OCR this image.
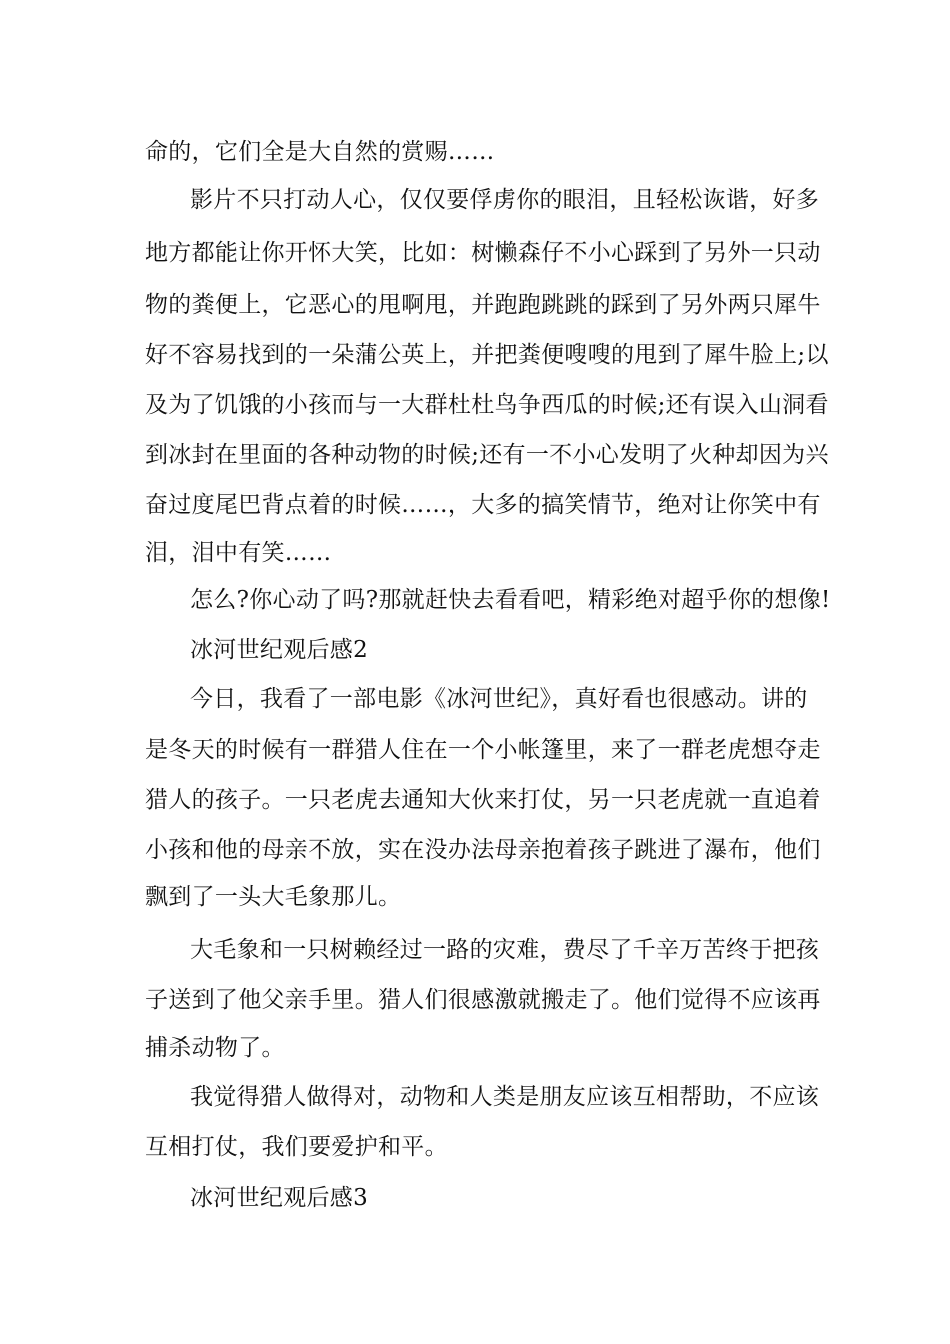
命的，它们全是大自然的赏赐……

影片不只打动人心，仅仅要俘虏你的眼泪，且轻松诙谐，好多

地方都能让你开怀大笑，比如：树懒森仔不小心踩到了另外一只动

物的粪便上，它恶心的甩啊甩，并跑跑跳跳的踩到了另外两只犀牛

好不容易找到的一朵蒲公英上，并把粪便嗖嗖的甩到了犀牛脸上;以

及为了饥饿的小孩而与一大群杜杜鸟争西瓜的时候;还有误入山洞看

到冰封在里面的各种动物的时候;还有一不小心发明了火种却因为兴

奋过度尾巴背点着的时候……，大多的搞笑情节，绝对让你笑中有

泪，泪中有笑……

怎么?你心动了吗?那就赶快去看看吧，精彩绝对超乎你的想像!

冰河世纪观后感2

今日，我看了一部电影《冰河世纪》，真好看也很感动。讲的

是冬天的时候有一群猎人住在一个小帐篷里，来了一群老虎想夺走

猎人的孩子。一只老虎去通知大伙来打仗，另一只老虎就一直追着

小孩和他的母亲不放，实在没办法母亲抱着孩子跳进了瀑布，他们

飘到了一头大毛象那儿。

大毛象和一只树赖经过一路的灾难，费尽了千辛万苦终于把孩

子送到了他父亲手里。猎人们很感激就搬走了。他们觉得不应该再

捕杀动物了。

我觉得猎人做得对，动物和人类是朋友应该互相帮助，不应该

互相打仗，我们要爱护和平。

冰河世纪观后感3
